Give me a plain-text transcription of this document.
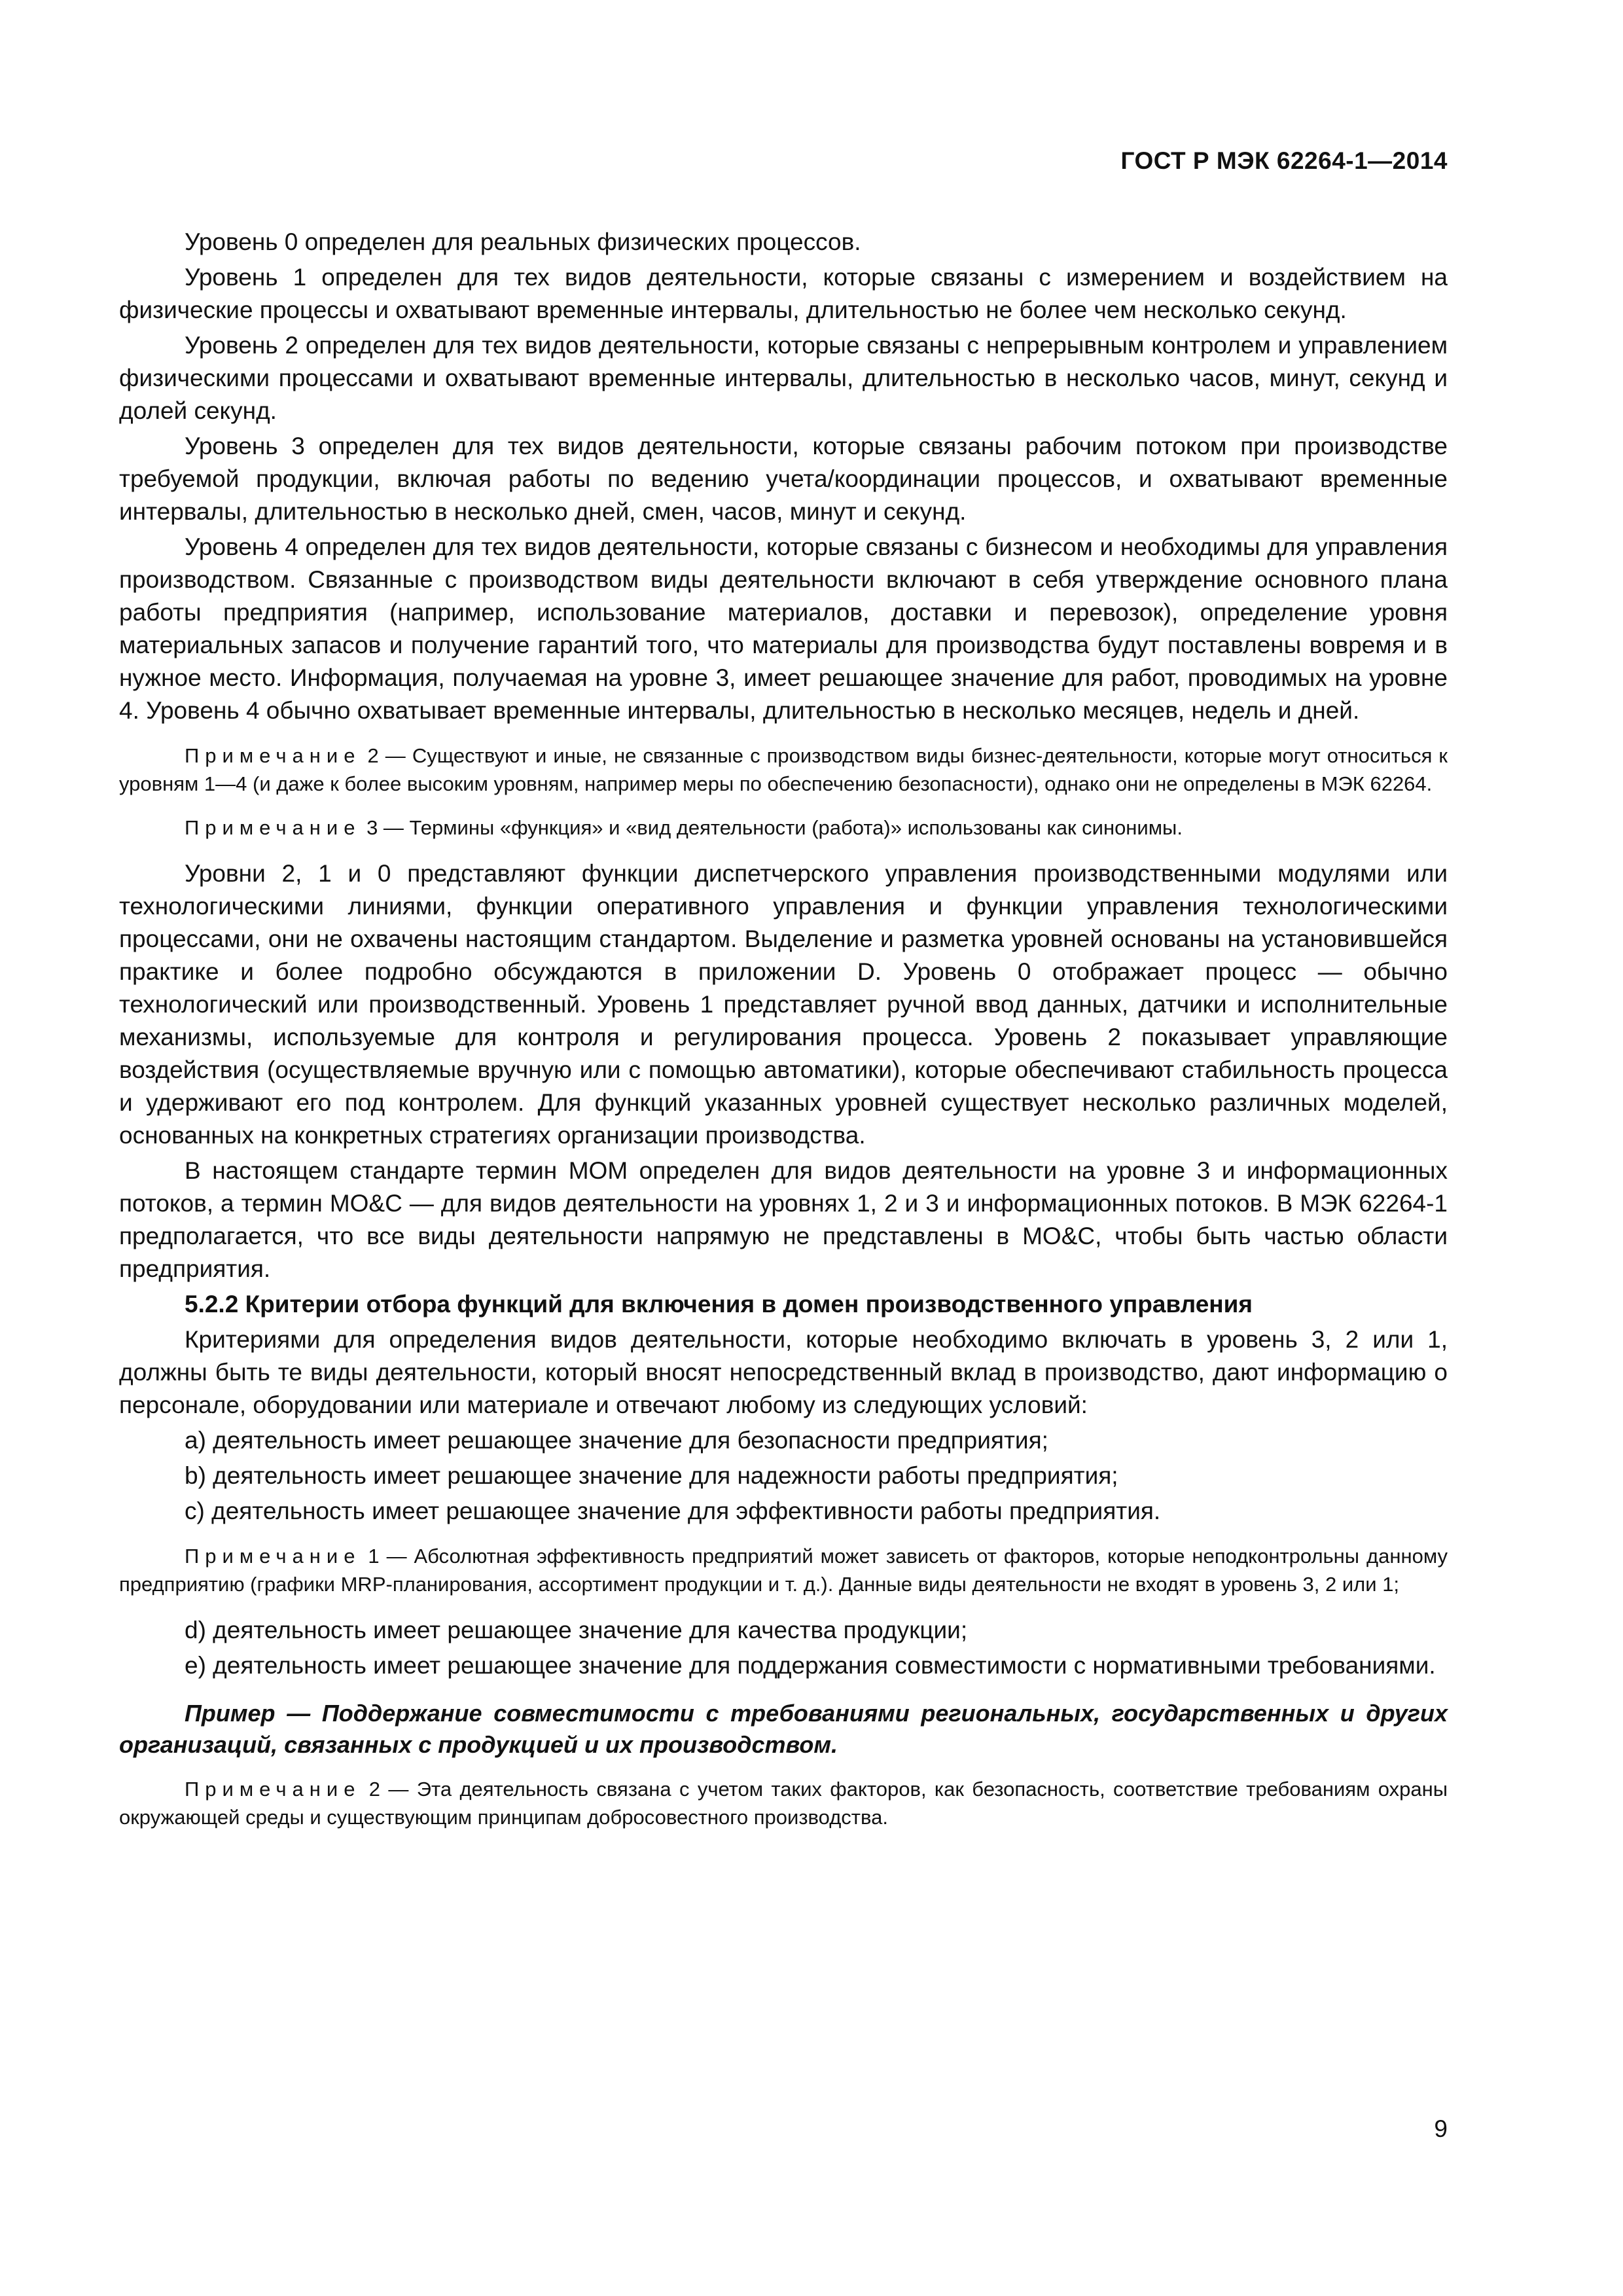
ГОСТ Р МЭК 62264-1—2014

Уровень 0 определен для реальных физических процессов.

Уровень 1 определен для тех видов деятельности, которые связаны с измерением и воздействием на физические процессы и охватывают временные интервалы, длительностью не более чем несколько секунд.

Уровень 2 определен для тех видов деятельности, которые связаны с непрерывным контролем и управлением физическими процессами и охватывают временные интервалы, длительностью в несколько часов, минут, секунд и долей секунд.

Уровень 3 определен для тех видов деятельности, которые связаны рабочим потоком при производстве требуемой продукции, включая работы по ведению учета/координации процессов, и охватывают временные интервалы, длительностью в несколько дней, смен, часов, минут и секунд.

Уровень 4 определен для тех видов деятельности, которые связаны с бизнесом и необходимы для управления производством. Связанные с производством виды деятельности включают в себя утверждение основного плана работы предприятия (например, использование материалов, доставки и перевозок), определение уровня материальных запасов и получение гарантий того, что материалы для производства будут поставлены вовремя и в нужное место. Информация, получаемая на уровне 3, имеет решающее значение для работ, проводимых на уровне 4. Уровень 4 обычно охватывает временные интервалы, длительностью в несколько месяцев, недель и дней.

Примечание 2 — Существуют и иные, не связанные с производством виды бизнес-деятельности, которые могут относиться к уровням 1—4 (и даже к более высоким уровням, например меры по обеспечению безопасности), однако они не определены в МЭК 62264.

Примечание 3 — Термины «функция» и «вид деятельности (работа)» использованы как синонимы.

Уровни 2, 1 и 0 представляют функции диспетчерского управления производственными модулями или технологическими линиями, функции оперативного управления и функции управления технологическими процессами, они не охвачены настоящим стандартом. Выделение и разметка уровней основаны на установившейся практике и более подробно обсуждаются в приложении D. Уровень 0 отображает процесс — обычно технологический или производственный. Уровень 1 представляет ручной ввод данных, датчики и исполнительные механизмы, используемые для контроля и регулирования процесса. Уровень 2 показывает управляющие воздействия (осуществляемые вручную или с помощью автоматики), которые обеспечивают стабильность процесса и удерживают его под контролем. Для функций указанных уровней существует несколько различных моделей, основанных на конкретных стратегиях организации производства.

В настоящем стандарте термин МОМ определен для видов деятельности на уровне 3 и информационных потоков, а термин МО&С — для видов деятельности на уровнях 1, 2 и 3 и информационных потоков. В МЭК 62264-1 предполагается, что все виды деятельности напрямую не представлены в МО&С, чтобы быть частью области предприятия.

5.2.2 Критерии отбора функций для включения в домен производственного управления

Критериями для определения видов деятельности, которые необходимо включать в уровень 3, 2 или 1, должны быть те виды деятельности, который вносят непосредственный вклад в производство, дают информацию о персонале, оборудовании или материале и отвечают любому из следующих условий:

a) деятельность имеет решающее значение для безопасности предприятия;

b) деятельность имеет решающее значение для надежности работы предприятия;

c) деятельность имеет решающее значение для эффективности работы предприятия.

Примечание 1 — Абсолютная эффективность предприятий может зависеть от факторов, которые неподконтрольны данному предприятию (графики MRP-планирования, ассортимент продукции и т. д.). Данные виды деятельности не входят в уровень 3, 2 или 1;

d) деятельность имеет решающее значение для качества продукции;

e) деятельность имеет решающее значение для поддержания совместимости с нормативными требованиями.

Пример — Поддержание совместимости с требованиями региональных, государственных и других организаций, связанных с продукцией и их производством.

Примечание 2 — Эта деятельность связана с учетом таких факторов, как безопасность, соответствие требованиям охраны окружающей среды и существующим принципам добросовестного производства.

9
